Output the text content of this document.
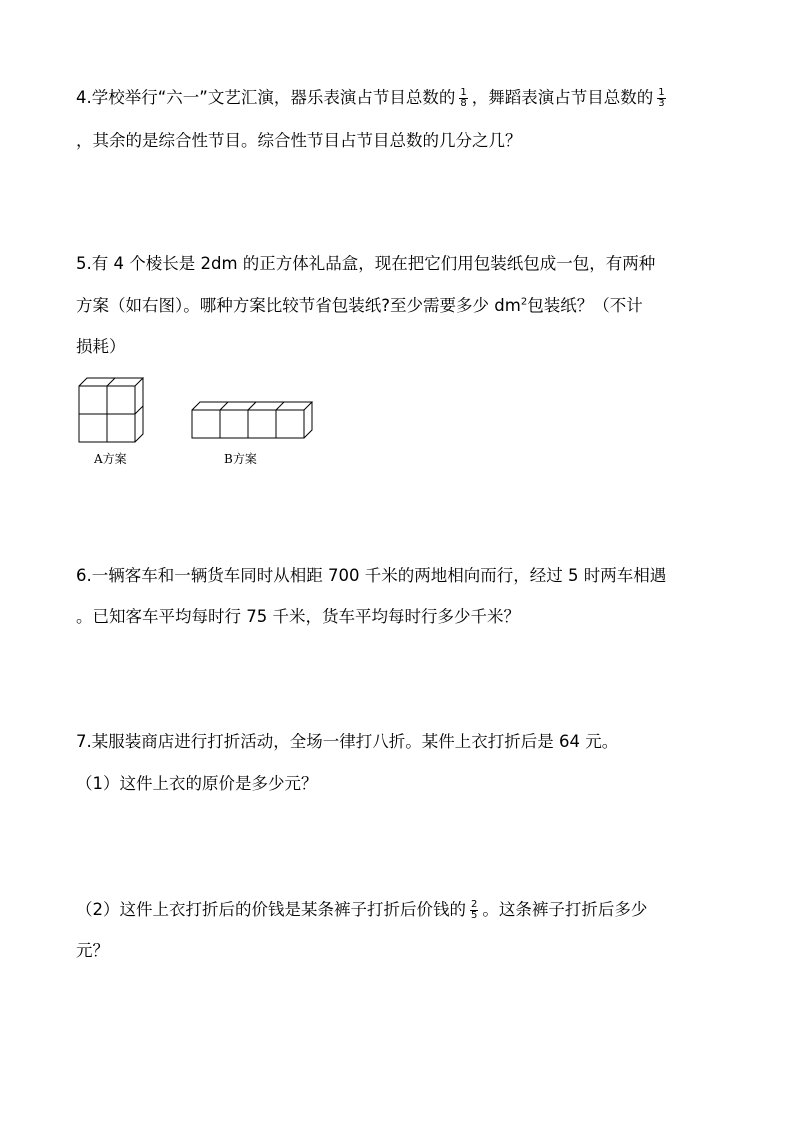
4.学校举行“六一”文艺汇演，器乐表演占节目总数的 $\frac{1}{8}$ ，舞蹈表演占节目总数的 $\frac{1}{3}$
，其余的是综合性节目。综合性节目占节目总数的几分之几？
5.有 4 个棱长是 2dm 的正方体礼品盒，现在把它们用包装纸包成一包，有两种
方案（如右图）。哪种方案比较节省包装纸?至少需要多少 $dm^2$包装纸？（不计
损耗）
A方案	B方案
6.一辆客车和一辆货车同时从相距 700 千米的两地相向而行，经过 5 时两车相遇
。已知客车平均每时行 75 千米，货车平均每时行多少千米？
7.某服装商店进行打折活动，全场一律打八折。某件上衣打折后是 64 元。
（1）这件上衣的原价是多少元？
（2）这件上衣打折后的价钱是某条裤子打折后价钱的 $\frac{2}{5}$ 。这条裤子打折后多少
元？
